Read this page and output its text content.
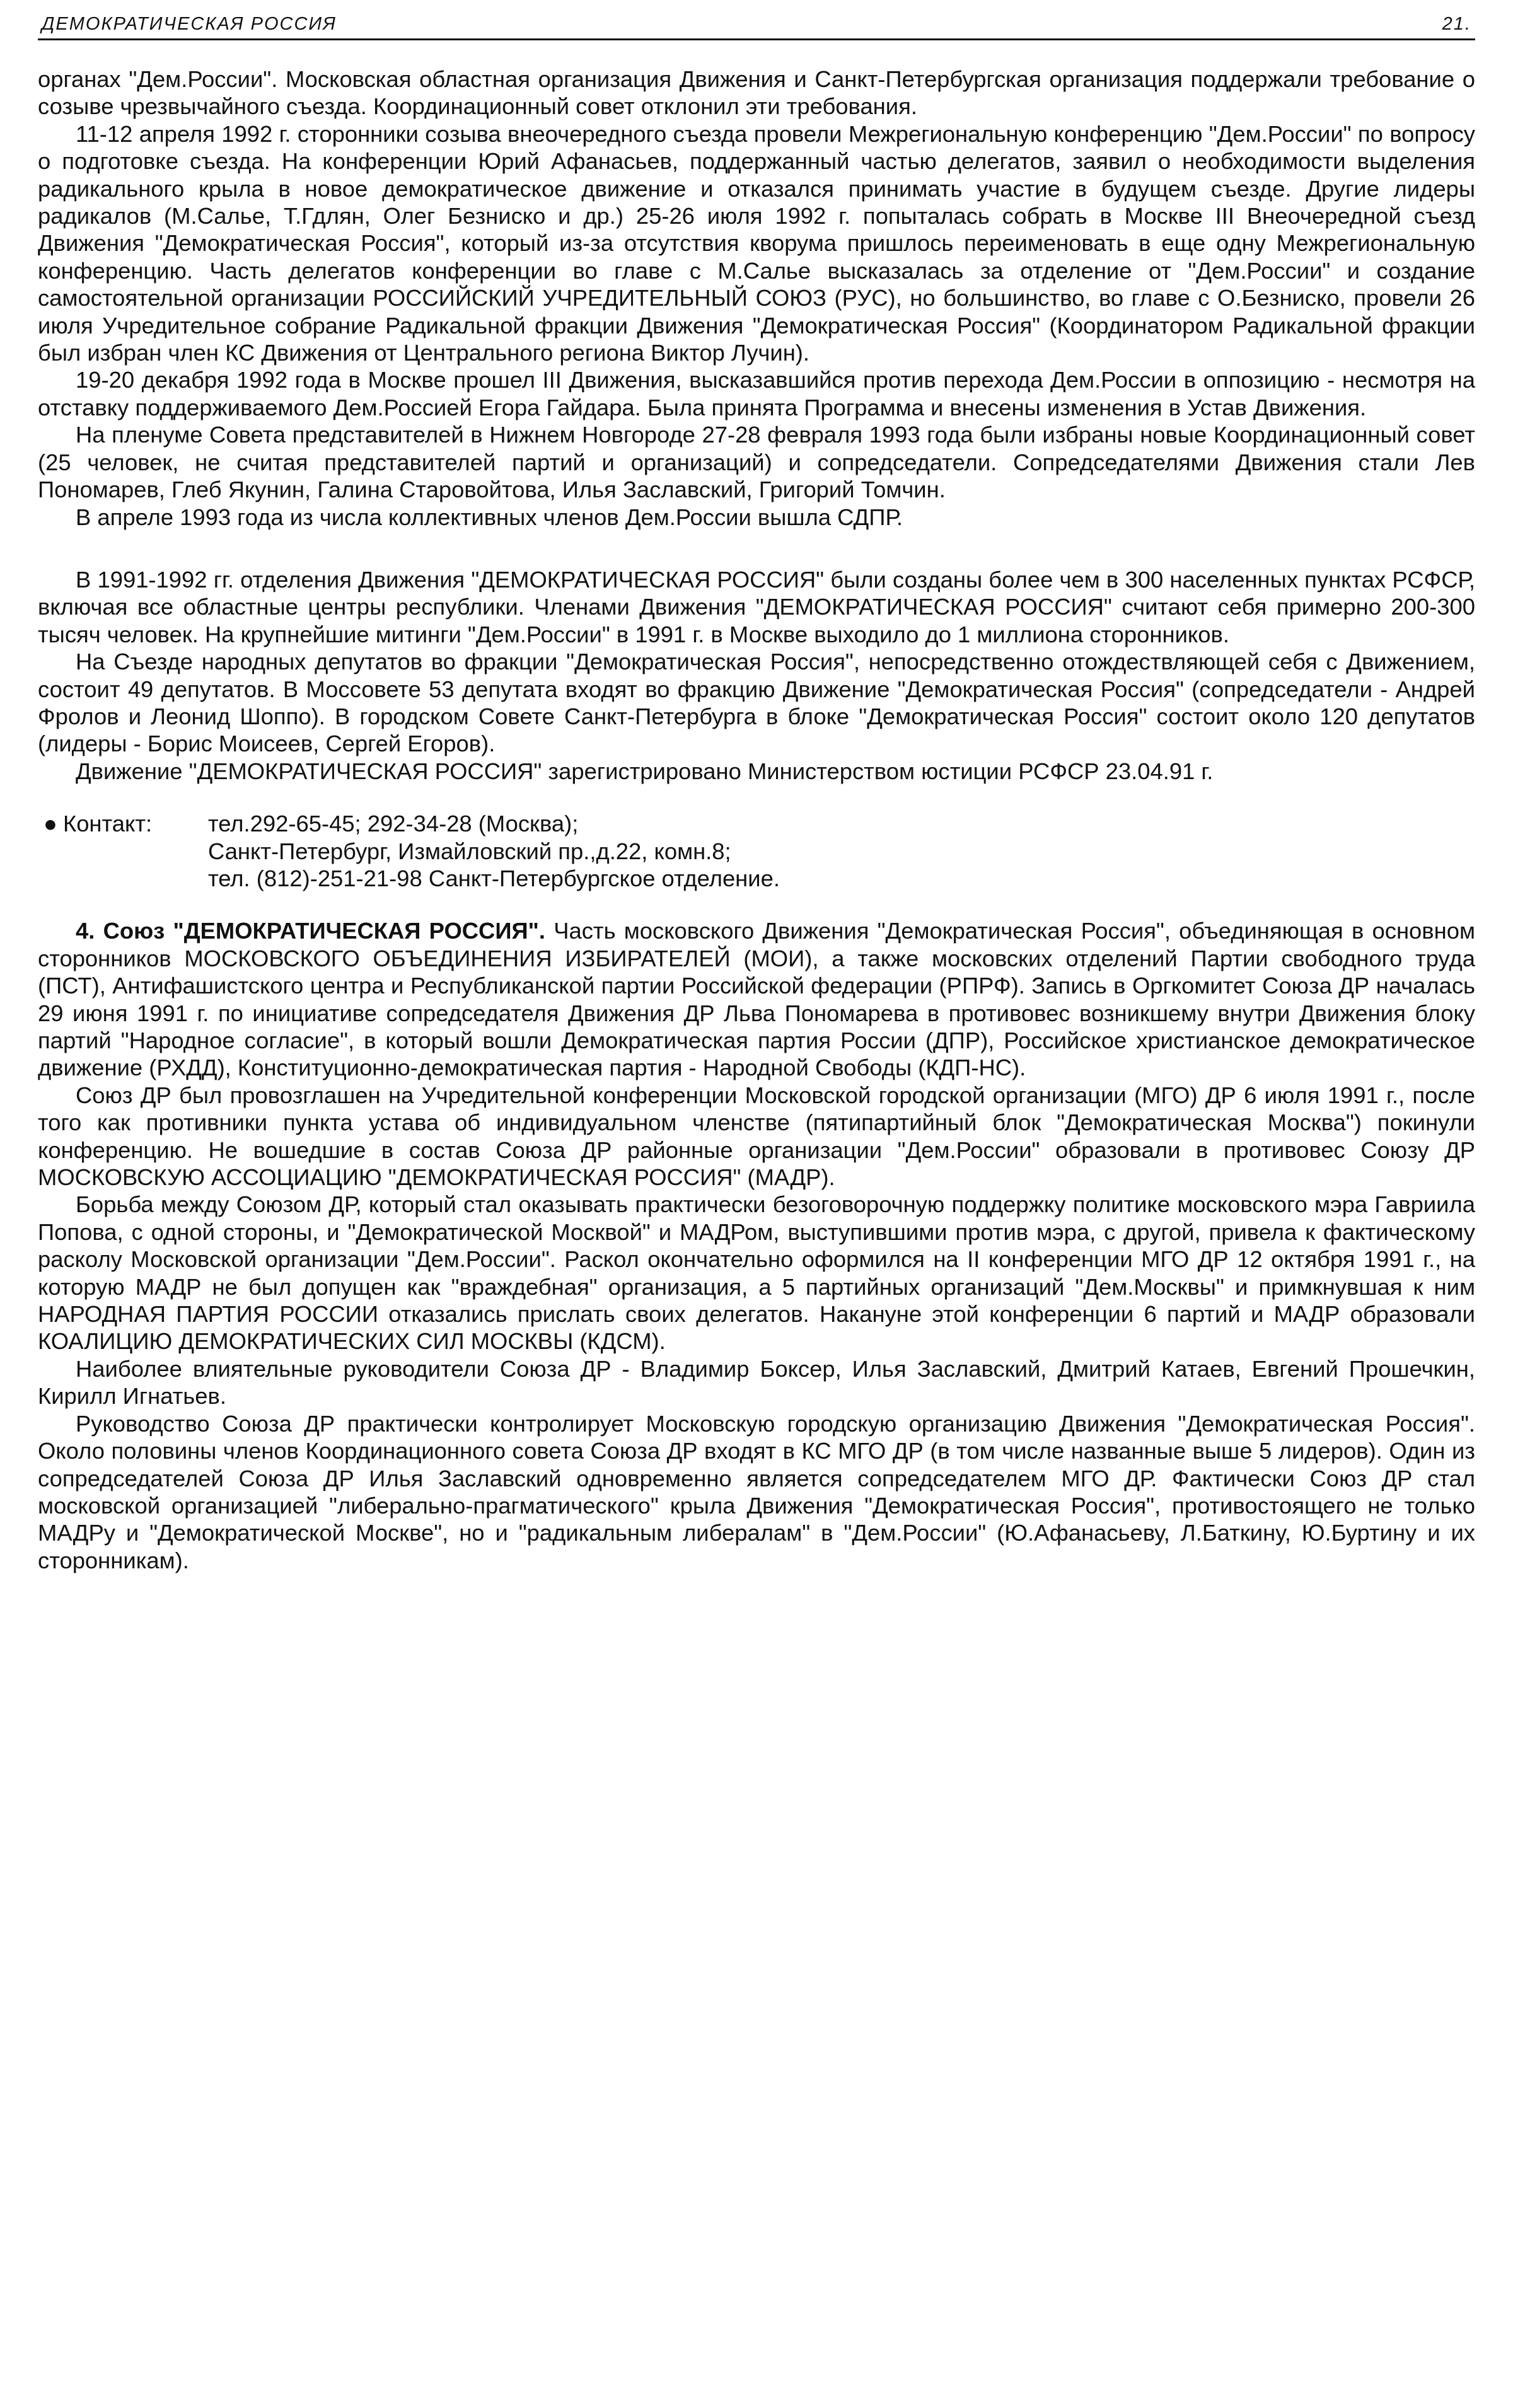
ДЕМОКРАТИЧЕСКАЯ РОССИЯ	21.

органах "Дем.России". Московская областная организация Движения и Санкт-Петербургская организация поддержали требование о созыве чрезвычайного съезда. Координационный совет отклонил эти требования.

11-12 апреля 1992 г. сторонники созыва внеочередного съезда провели Межрегиональную конференцию "Дем.России" по вопросу о подготовке съезда. На конференции Юрий Афанасьев, поддержанный частью делегатов, заявил о необходимости выделения радикального крыла в новое демократическое движение и отказался принимать участие в будущем съезде. Другие лидеры радикалов (М.Салье, Т.Гдлян, Олег Безниско и др.) 25-26 июля 1992 г. попыталась собрать в Москве III Внеочередной съезд Движения "Демократическая Россия", который из-за отсутствия кворума пришлось переименовать в еще одну Межрегиональную конференцию. Часть делегатов конференции во главе с М.Салье высказалась за отделение от "Дем.России" и создание самостоятельной организации РОССИЙСКИЙ УЧРЕДИТЕЛЬНЫЙ СОЮЗ (РУС), но большинство, во главе с О.Безниско, провели 26 июля Учредительное собрание Радикальной фракции Движения "Демократическая Россия" (Координатором Радикальной фракции был избран член КС Движения от Центрального региона Виктор Лучин).

19-20 декабря 1992 года в Москве прошел III Движения, высказавшийся против перехода Дем.России в оппозицию - несмотря на отставку поддерживаемого Дем.Россией Егора Гайдара. Была принята Программа и внесены изменения в Устав Движения.

На пленуме Совета представителей в Нижнем Новгороде 27-28 февраля 1993 года были избраны новые Координационный совет (25 человек, не считая представителей партий и организаций) и сопредседатели. Сопредседателями Движения стали Лев Пономарев, Глеб Якунин, Галина Старовойтова, Илья Заславский, Григорий Томчин.

В апреле 1993 года из числа коллективных членов Дем.России вышла СДПР.

В 1991-1992 гг. отделения Движения "ДЕМОКРАТИЧЕСКАЯ РОССИЯ" были созданы более чем в 300 населенных пунктах РСФСР, включая все областные центры республики. Членами Движения "ДЕМОКРАТИЧЕСКАЯ РОССИЯ" считают себя примерно 200-300 тысяч человек. На крупнейшие митинги "Дем.России" в 1991 г. в Москве выходило до 1 миллиона сторонников.

На Съезде народных депутатов во фракции "Демократическая Россия", непосредственно отождествляющей себя с Движением, состоит 49 депутатов. В Моссовете 53 депутата входят во фракцию Движение "Демократическая Россия" (сопредседатели - Андрей Фролов и Леонид Шоппо). В городском Совете Санкт-Петербурга в блоке "Демократическая Россия" состоит около 120 депутатов (лидеры - Борис Моисеев, Сергей Егоров).

Движение "ДЕМОКРАТИЧЕСКАЯ РОССИЯ" зарегистрировано Министерством юстиции РСФСР 23.04.91 г.

● Контакт:	тел.292-65-45; 292-34-28 (Москва);
Санкт-Петербург, Измайловский пр.,д.22, комн.8;
тел. (812)-251-21-98 Санкт-Петербургское отделение.

4. Союз "ДЕМОКРАТИЧЕСКАЯ РОССИЯ". Часть московского Движения "Демократическая Россия", объединяющая в основном сторонников МОСКОВСКОГО ОБЪЕДИНЕНИЯ ИЗБИРАТЕЛЕЙ (МОИ), а также московских отделений Партии свободного труда (ПСТ), Антифашистского центра и Республиканской партии Российской федерации (РПРФ). Запись в Оргкомитет Союза ДР началась 29 июня 1991 г. по инициативе сопредседателя Движения ДР Льва Пономарева в противовес возникшему внутри Движения блоку партий "Народное согласие", в который вошли Демократическая партия России (ДПР), Российское христианское демократическое движение (РХДД), Конституционно-демократическая партия - Народной Свободы (КДП-НС).

Союз ДР был провозглашен на Учредительной конференции Московской городской организации (МГО) ДР 6 июля 1991 г., после того как противники пункта устава об индивидуальном членстве (пятипартийный блок "Демократическая Москва") покинули конференцию. Не вошедшие в состав Союза ДР районные организации "Дем.России" образовали в противовес Союзу ДР МОСКОВСКУЮ АССОЦИАЦИЮ "ДЕМОКРАТИЧЕСКАЯ РОССИЯ" (МАДР).

Борьба между Союзом ДР, который стал оказывать практически безоговорочную поддержку политике московского мэра Гавриила Попова, с одной стороны, и "Демократической Москвой" и МАДРом, выступившими против мэра, с другой, привела к фактическому расколу Московской организации "Дем.России". Раскол окончательно оформился на II конференции МГО ДР 12 октября 1991 г., на которую МАДР не был допущен как "враждебная" организация, а 5 партийных организаций "Дем.Москвы" и примкнувшая к ним НАРОДНАЯ ПАРТИЯ РОССИИ отказались прислать своих делегатов. Накануне этой конференции 6 партий и МАДР образовали КОАЛИЦИЮ ДЕМОКРАТИЧЕСКИХ СИЛ МОСКВЫ (КДСМ).

Наиболее влиятельные руководители Союза ДР - Владимир Боксер, Илья Заславский, Дмитрий Катаев, Евгений Прошечкин, Кирилл Игнатьев.

Руководство Союза ДР практически контролирует Московскую городскую организацию Движения "Демократическая Россия". Около половины членов Координационного совета Союза ДР входят в КС МГО ДР (в том числе названные выше 5 лидеров). Один из сопредседателей Союза ДР Илья Заславский одновременно является сопредседателем МГО ДР. Фактически Союз ДР стал московской организацией "либерально-прагматического" крыла Движения "Демократическая Россия", противостоящего не только МАДРу и "Демократической Москве", но и "радикальным либералам" в "Дем.России" (Ю.Афанасьеву, Л.Баткину, Ю.Буртину и их сторонникам).
